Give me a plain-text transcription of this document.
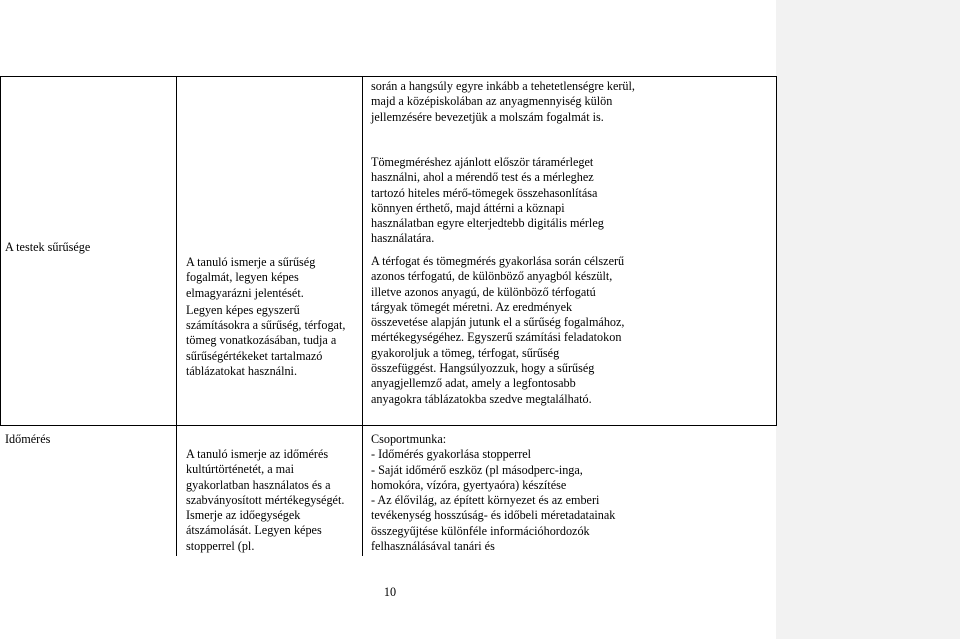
során a hangsúly egyre inkább a tehetetlenségre kerül, majd a középiskolában az anyagmennyiség külön jellemzésére bevezetjük a molszám fogalmát is.

A testek sűrűsége

A tanuló ismerje a sűrűség fogalmát, legyen képes elmagyarázni jelentését.

Legyen képes egyszerű számításokra a sűrűség, térfogat, tömeg vonatkozásában, tudja a sűrűségértékeket tartalmazó táblázatokat használni.

Tömegméréshez ajánlott először táramérleget használni, ahol a mérendő test és a mérleghez tartozó hiteles mérő-tömegek összehasonlítása könnyen érthető, majd áttérni a köznapi használatban egyre elterjedtebb digitális mérleg használatára.

A térfogat és tömegmérés gyakorlása során célszerű azonos térfogatú, de különböző anyagból készült, illetve azonos anyagú, de különböző térfogatú tárgyak tömegét méretni. Az eredmények összevetése alapján jutunk el a sűrűség fogalmához, mértékegységéhez. Egyszerű számítási feladatokon gyakoroljuk a tömeg, térfogat, sűrűség összefüggést. Hangsúlyozzuk, hogy a sűrűség anyagjellemző adat, amely a legfontosabb anyagokra táblázatokba szedve megtalálható.

Időmérés

A tanuló ismerje az időmérés kultúrtörténetét, a mai gyakorlatban használatos és a szabványosított mértékegységét. Ismerje az időegységek átszámolását. Legyen képes stopperrel (pl.

Csoportmunka:

- Időmérés gyakorlása stopperrel

- Saját időmérő eszköz (pl másodperc-inga, homokóra, vízóra, gyertyaóra) készítése

- Az élővilág, az épített környezet és az emberi tevékenység hosszúság- és időbeli méretadatainak összegyűjtése különféle információhordozók felhasználásával tanári és

10
